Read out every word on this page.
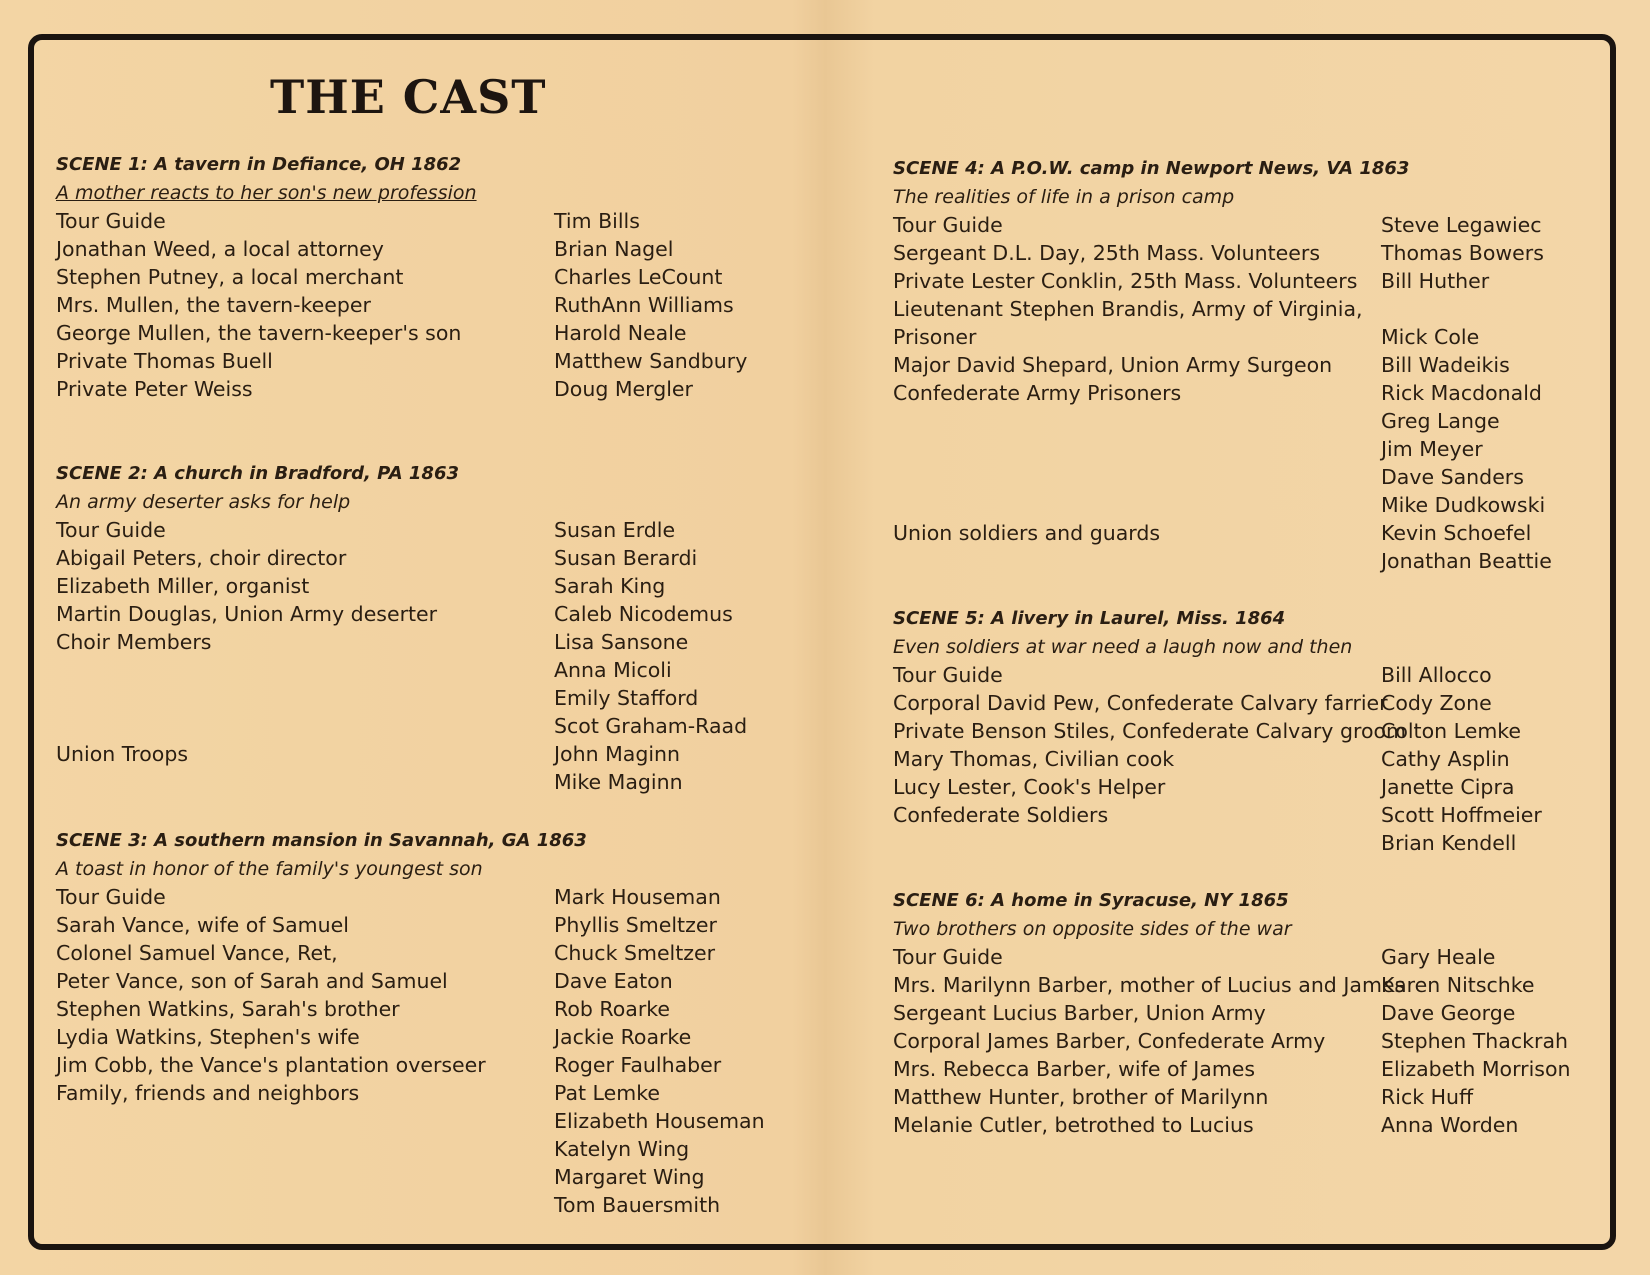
THE CAST
SCENE 1: A tavern in Defiance, OH 1862
A mother reacts to her son's new profession
Tour Guide
Jonathan Weed, a local attorney
Stephen Putney, a local merchant
Mrs. Mullen, the tavern-keeper
George Mullen, the tavern-keeper's son
Private Thomas Buell
Private Peter Weiss
SCENE 2: A church in Bradford, PA 1863
An army deserter asks for help
Tour Guide
Abigail Peters, choir director
Elizabeth Miller, organist
Martin Douglas, Union Army deserter
Choir Members
Union Troops
SCENE 3: A southern mansion in Savannah, GA 1863
A toast in honor of the family's youngest son
Tour Guide
Sarah Vance, wife of Samuel
Colonel Samuel Vance, Ret,
Peter Vance, son of Sarah and Samuel
Stephen Watkins, Sarah's brother
Lydia Watkins, Stephen's wife
Jim Cobb, the Vance's plantation overseer
Family, friends and neighbors
Tim Bills
Brian Nagel
Charles LeCount
RuthAnn Williams
Harold Neale
Matthew Sandbury
Doug Mergler
Susan Erdle
Susan Berardi
Sarah King
Caleb Nicodemus
Lisa Sansone
Anna Micoli
Emily Stafford
Scot Graham-Raad
John Maginn
Mike Maginn
Mark Houseman
Phyllis Smeltzer
Chuck Smeltzer
Dave Eaton
Rob Roarke
Jackie Roarke
Roger Faulhaber
Pat Lemke
Elizabeth Houseman
Katelyn Wing
Margaret Wing
Tom Bauersmith
SCENE 4: A P.O.W. camp in Newport News, VA 1863
The realities of life in a prison camp
Tour Guide
Sergeant D.L. Day, 25th Mass. Volunteers
Private Lester Conklin, 25th Mass. Volunteers
Lieutenant Stephen Brandis, Army of Virginia,
Prisoner
Major David Shepard, Union Army Surgeon
Confederate Army Prisoners
Union soldiers and guards
SCENE 5: A livery in Laurel, Miss. 1864
Even soldiers at war need a laugh now and then
Tour Guide
Corporal David Pew, Confederate Calvary farrier
Private Benson Stiles, Confederate Calvary groom
Mary Thomas, Civilian cook
Lucy Lester, Cook's Helper
Confederate Soldiers
SCENE 6: A home in Syracuse, NY 1865
Two brothers on opposite sides of the war
Tour Guide
Mrs. Marilynn Barber, mother of Lucius and James
Sergeant Lucius Barber, Union Army
Corporal James Barber, Confederate Army
Mrs. Rebecca Barber, wife of James
Matthew Hunter, brother of Marilynn
Melanie Cutler, betrothed to Lucius
Steve Legawiec
Thomas Bowers
Bill Huther
Mick Cole
Bill Wadeikis
Rick Macdonald
Greg Lange
Jim Meyer
Dave Sanders
Mike Dudkowski
Kevin Schoefel
Jonathan Beattie
Bill Allocco
Cody Zone
Colton Lemke
Cathy Asplin
Janette Cipra
Scott Hoffmeier
Brian Kendell
Gary Heale
Karen Nitschke
Dave George
Stephen Thackrah
Elizabeth Morrison
Rick Huff
Anna Worden
